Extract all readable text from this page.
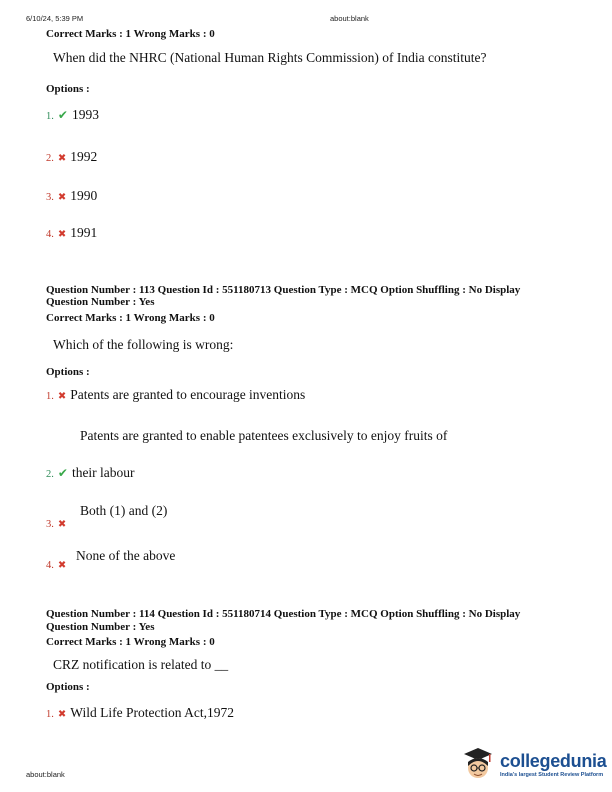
6/10/24, 5:39 PM	about:blank
Correct Marks : 1 Wrong Marks : 0
When did the NHRC (National Human Rights Commission) of India constitute?
Options :
1. ✔ 1993
2. ✖ 1992
3. ✖ 1990
4. ✖ 1991
Question Number : 113 Question Id : 551180713 Question Type : MCQ Option Shuffling : No Display
Question Number : Yes
Correct Marks : 1 Wrong Marks : 0
Which of the following is wrong:
Options :
1. ✖ Patents are granted to encourage inventions
Patents are granted to enable patentees exclusively to enjoy fruits of
2. ✔ their labour
Both (1) and (2)
3. ✖
None of the above
4. ✖
Question Number : 114 Question Id : 551180714 Question Type : MCQ Option Shuffling : No Display
Question Number : Yes
Correct Marks : 1 Wrong Marks : 0
CRZ notification is related to __
Options :
1. ✖ Wild Life Protection Act,1972
about:blank
collegedunia
India's largest Student Review Platform
